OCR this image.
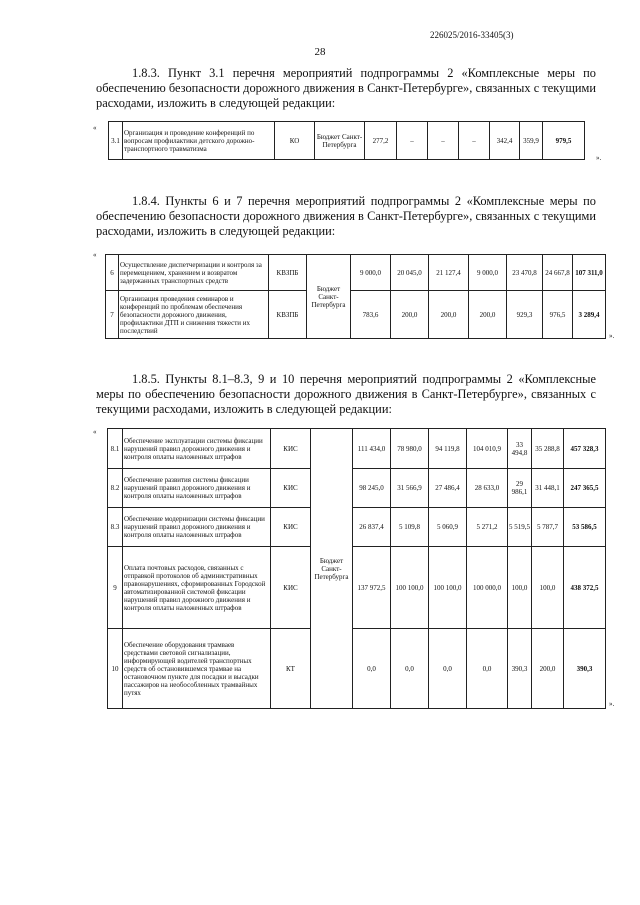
226025/2016-33405(3)
28

1.8.3. Пункт 3.1 перечня мероприятий подпрограммы 2 «Комплексные меры по обеспечению безопасности дорожного движения в Санкт-Петербурге», связанных с текущими расходами, изложить в следующей редакции:

«
3.1	Организация и проведение конференций по вопросам профилактики детского дорожно-транспортного травматизма	КО	Бюджет Санкт-Петербурга	277,2	–	–	–	342,4	359,9	979,5
».

1.8.4. Пункты 6 и 7 перечня мероприятий подпрограммы 2 «Комплексные меры по обеспечению безопасности дорожного движения в Санкт-Петербурге», связанных с текущими расходами, изложить в следующей редакции:

«
6	Осуществление диспетчеризации и контроля за перемещением, хранением и возвратом задержанных транспортных средств	КВЗПБ	Бюджет Санкт-Петербурга	9 000,0	20 045,0	21 127,4	9 000,0	23 470,8	24 667,8	107 311,0
7	Организация проведения семинаров и конференций по проблемам обеспечения безопасности дорожного движения, профилактики ДТП и снижения тяжести их последствий	КВЗПБ		783,6	200,0	200,0	200,0	929,3	976,5	3 289,4
».

1.8.5. Пункты 8.1–8.3, 9 и 10 перечня мероприятий подпрограммы 2 «Комплексные меры по обеспечению безопасности дорожного движения в Санкт-Петербурге», связанных с текущими расходами, изложить в следующей редакции:

«
8.1	Обеспечение эксплуатации системы фиксации нарушений правил дорожного движения и контроля оплаты наложенных штрафов	КИС	Бюджет Санкт-Петербурга	111 434,0	78 980,0	94 119,8	104 010,9	33 494,8	35 288,8	457 328,3
8.2	Обеспечение развития системы фиксации нарушений правил дорожного движения и контроля оплаты наложенных штрафов	КИС		98 245,0	31 566,9	27 486,4	28 633,0	29 986,1	31 448,1	247 365,5
8.3	Обеспечение модернизации системы фиксации нарушений правил дорожного движения и контроля оплаты наложенных штрафов	КИС		26 837,4	5 109,8	5 060,9	5 271,2	5 519,5	5 787,7	53 586,5
9	Оплата почтовых расходов, связанных с отправкой протоколов об административных правонарушениях, сформированных Городской автоматизированной системой фиксации нарушений правил дорожного движения и контроля оплаты наложенных штрафов	КИС		137 972,5	100 100,0	100 100,0	100 000,0	100,0	100,0	438 372,5
10	Обеспечение оборудования трамваев средствами световой сигнализации, информирующей водителей транспортных средств об остановившемся трамвае на остановочном пункте для посадки и высадки пассажиров на необособленных трамвайных путях	КТ		0,0	0,0	0,0	0,0	390,3	200,0	390,3
».
